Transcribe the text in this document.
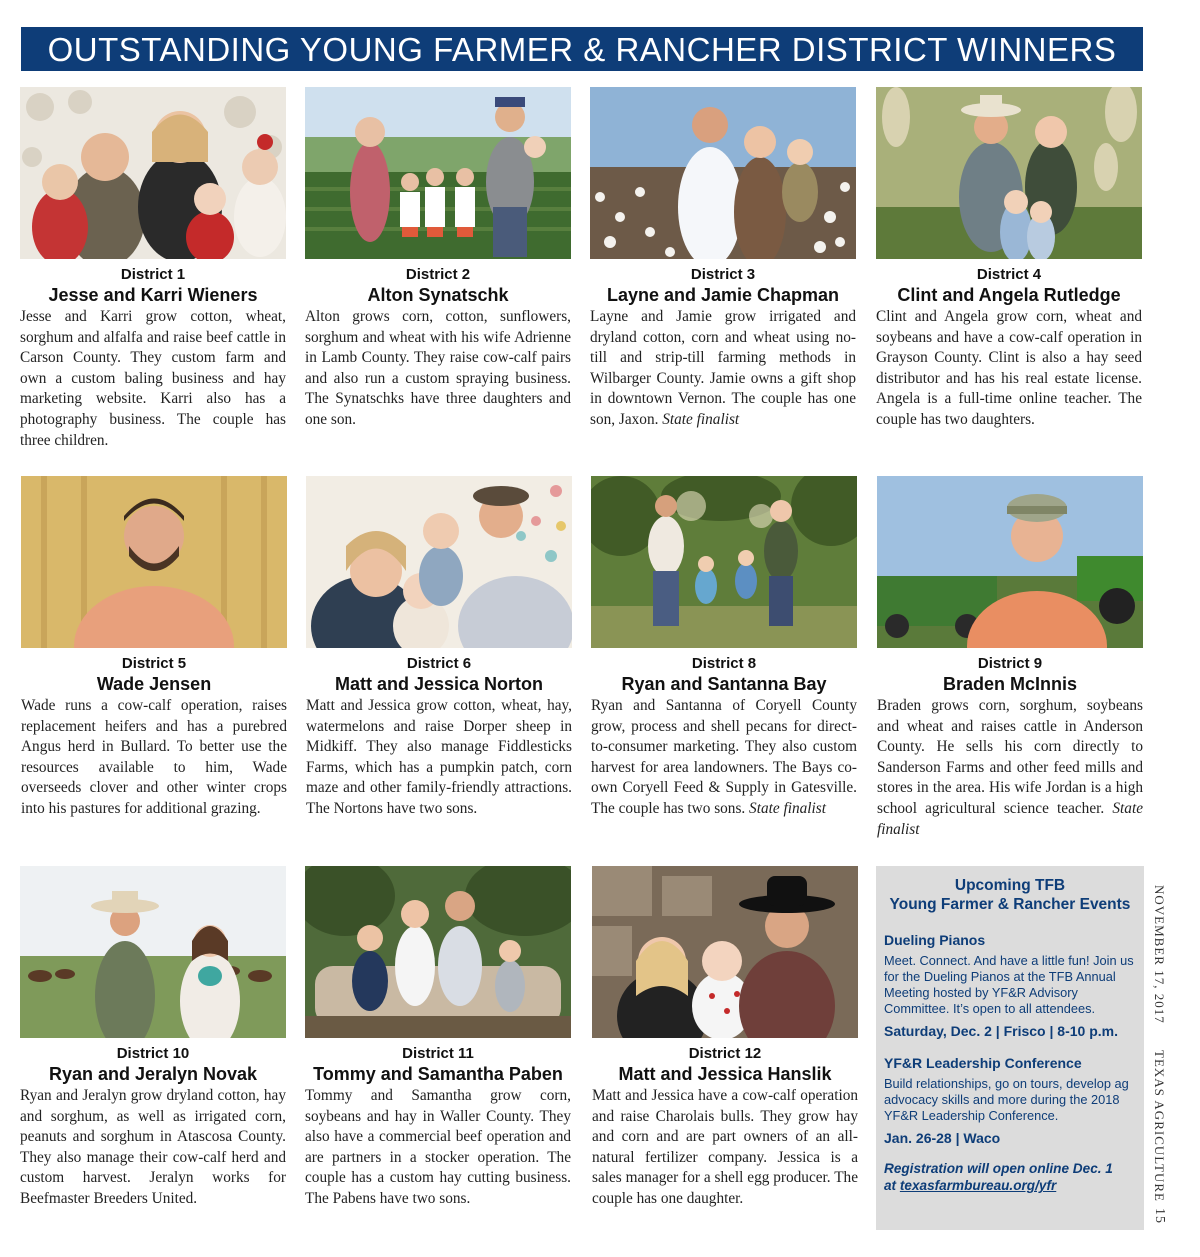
OUTSTANDING YOUNG FARMER & RANCHER DISTRICT WINNERS
District 1
Jesse and Karri Wieners
Jesse and Karri grow cotton, wheat, sorghum and alfalfa and raise beef cattle in Carson County. They custom farm and own a custom baling business and hay marketing website. Karri also has a photography business. The couple has three children.
District 2
Alton Synatschk
Alton grows corn, cotton, sunflowers, sorghum and wheat with his wife Adrienne in Lamb County. They raise cow-calf pairs and also run a custom spraying business. The Synatschks have three daughters and one son.
District 3
Layne and Jamie Chapman
Layne and Jamie grow irrigated and dryland cotton, corn and wheat using no-till and strip-till farming methods in Wilbarger County. Jamie owns a gift shop in downtown Vernon. The couple has one son, Jaxon. State finalist
District 4
Clint and Angela Rutledge
Clint and Angela grow corn, wheat and soybeans and have a cow-calf operation in Grayson County. Clint is also a hay seed distributor and has his real estate license. Angela is a full-time online teacher. The couple has two daughters.
District 5
Wade Jensen
Wade runs a cow-calf operation, raises replacement heifers and has a purebred Angus herd in Bullard. To better use the resources available to him, Wade overseeds clover and other winter crops into his pastures for additional grazing.
District 6
Matt and Jessica Norton
Matt and Jessica grow cotton, wheat, hay, watermelons and raise Dorper sheep in Midkiff. They also manage Fiddlesticks Farms, which has a pumpkin patch, corn maze and other family-friendly attractions. The Nortons have two sons.
District 8
Ryan and Santanna Bay
Ryan and Santanna of Coryell County grow, process and shell pecans for direct-to-consumer marketing. They also custom harvest for area landowners. The Bays co-own Coryell Feed & Supply in Gatesville. The couple has two sons. State finalist
District 9
Braden McInnis
Braden grows corn, sorghum, soybeans and wheat and raises cattle in Anderson County. He sells his corn directly to Sanderson Farms and other feed mills and stores in the area. His wife Jordan is a high school agricultural science teacher. State finalist
District 10
Ryan and Jeralyn Novak
Ryan and Jeralyn grow dryland cotton, hay and sorghum, as well as irrigated corn, peanuts and sorghum in Atascosa County. They also manage their cow-calf herd and custom harvest. Jeralyn works for Beefmaster Breeders United.
District 11
Tommy and Samantha Paben
Tommy and Samantha grow corn, soybeans and hay in Waller County. They also have a commercial beef operation and are partners in a stocker operation. The couple has a custom hay cutting business. The Pabens have two sons.
District 12
Matt and Jessica Hanslik
Matt and Jessica have a cow-calf operation and raise Charolais bulls. They grow hay and corn and are part owners of an all-natural fertilizer company. Jessica is a sales manager for a shell egg producer. The couple has one daughter.
Upcoming TFB
Young Farmer & Rancher Events
Dueling Pianos
Meet. Connect. And have a little fun! Join us for the Dueling Pianos at the TFB Annual Meeting hosted by YF&R Advisory Committee. It’s open to all attendees.
Saturday, Dec. 2 | Frisco | 8-10 p.m.
YF&R Leadership Conference
Build relationships, go on tours, develop ag advocacy skills and more during the 2018 YF&R Leadership Conference.
Jan. 26-28 | Waco
Registration will open online Dec. 1
at texasfarmbureau.org/yfr
NOVEMBER 17, 2017
TEXAS AGRICULTURE
15
